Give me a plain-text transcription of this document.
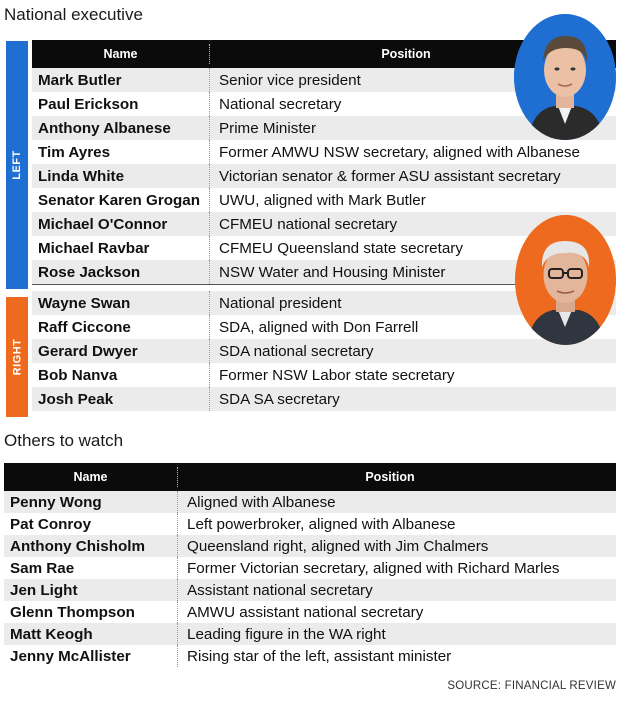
National executive
LEFT
RIGHT
Name	Position
Mark Butler	Senior vice president
Paul Erickson	National secretary
Anthony Albanese	Prime Minister
Tim Ayres	Former AMWU NSW secretary, aligned with Albanese
Linda White	Victorian senator & former ASU assistant secretary
Senator Karen Grogan	UWU, aligned with Mark Butler
Michael O'Connor	CFMEU national secretary
Michael Ravbar	CFMEU Queensland state secretary
Rose Jackson	NSW Water and Housing Minister
Wayne Swan	National president
Raff Ciccone	SDA, aligned with Don Farrell
Gerard Dwyer	SDA national secretary
Bob Nanva	Former NSW Labor state secretary
Josh Peak	SDA SA secretary
Others to watch
Name	Position
Penny Wong	Aligned with Albanese
Pat Conroy	Left powerbroker, aligned with Albanese
Anthony Chisholm	Queensland right, aligned with Jim Chalmers
Sam Rae	Former Victorian secretary, aligned with Richard Marles
Jen Light	Assistant national secretary
Glenn Thompson	AMWU assistant national secretary
Matt Keogh	Leading figure in the WA right
Jenny McAllister	Rising star of the left, assistant minister
SOURCE: FINANCIAL REVIEW
